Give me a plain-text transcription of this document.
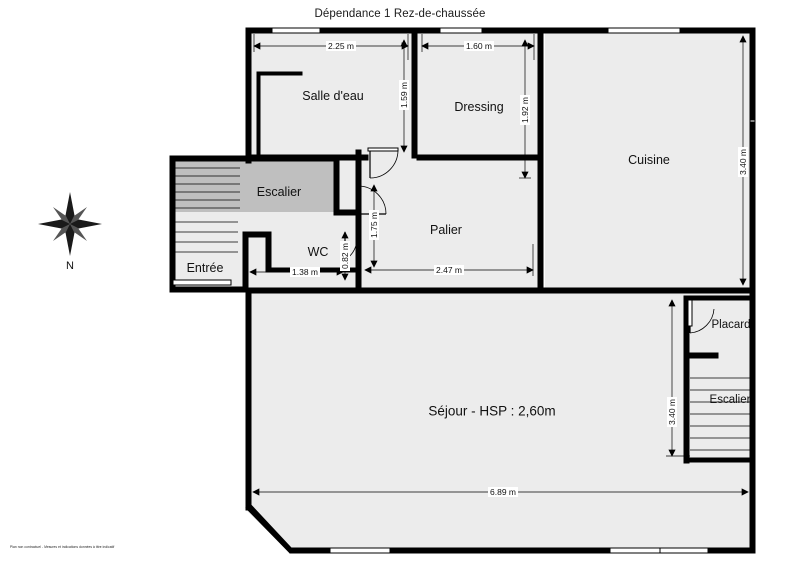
Dépendance 1 Rez-de-chaussée
Salle d'eau
Dressing
Cuisine
Escalier
Entrée
WC
Palier
Séjour - HSP : 2,60m
Placard
Escalier
2.25 m	1.60 m
1.59 m
1.92 m
3.40 m
1.75 m
0.82 m
1.38 m	2.47 m
3.40 m
6.89 m
N
Plan non contractuel - Mesures et indications données à titre indicatif
